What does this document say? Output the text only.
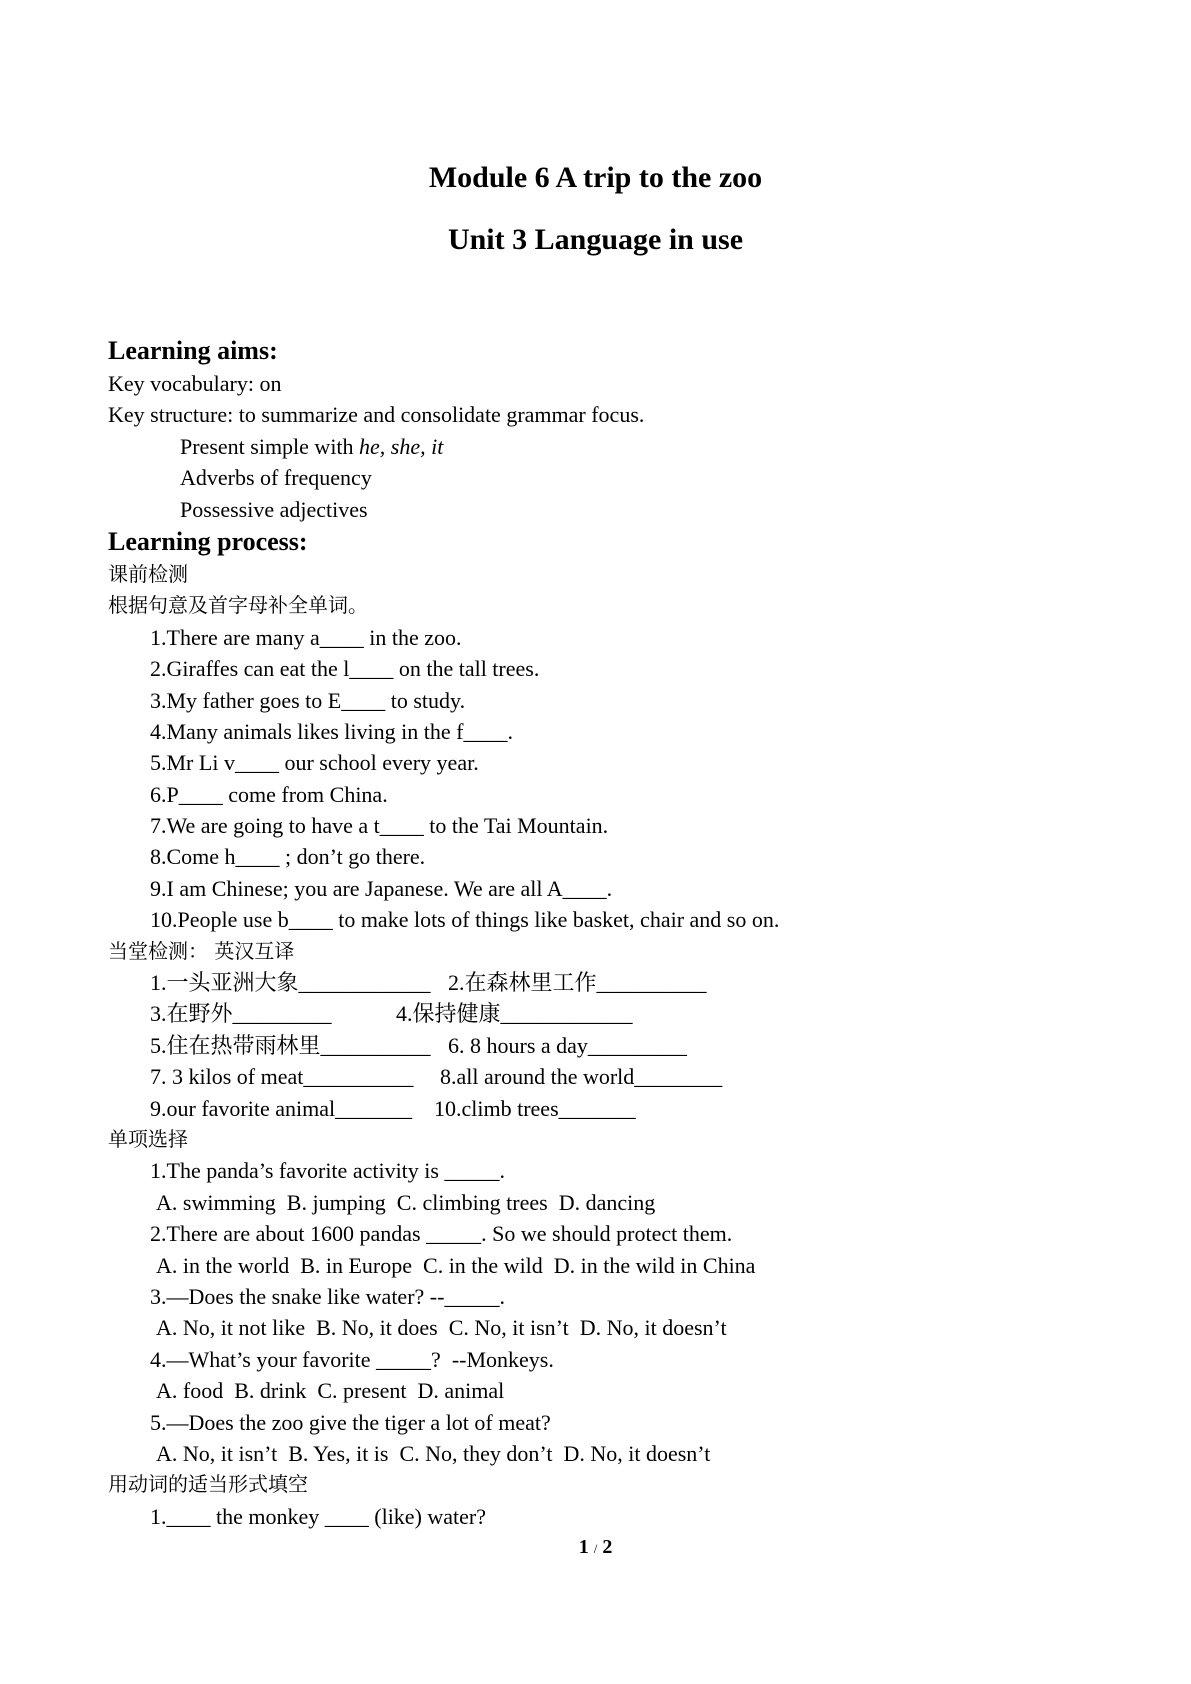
Module 6 A trip to the zoo
Unit 3 Language in use
Learning aims:
Key vocabulary: on
Key structure: to summarize and consolidate grammar focus.
Present simple with he, she, it
Adverbs of frequency
Possessive adjectives
Learning process:
课前检测
根据句意及首字母补全单词。
1.There are many a____ in the zoo.
2.Giraffes can eat the l____ on the tall trees.
3.My father goes to E____ to study.
4.Many animals likes living in the f____.
5.Mr Li v____ our school every year.
6.P____ come from China.
7.We are going to have a t____ to the Tai Mountain.
8.Come h____ ; don’t go there.
9.I am Chinese; you are Japanese. We are all A____.
10.People use b____ to make lots of things like basket, chair and so on.
当堂检测： 英汉互译
1.一头亚洲大象____________ 2.在森林里工作__________
3.在野外_________	4.保持健康____________
5.住在热带雨林里__________ 6. 8 hours a day_________
7. 3 kilos of meat__________	8.all around the world________
9.our favorite animal_______ 10.climb trees_______
单项选择
1.The panda’s favorite activity is _____.
A. swimming  B. jumping  C. climbing trees  D. dancing
2.There are about 1600 pandas _____. So we should protect them.
A. in the world  B. in Europe  C. in the wild  D. in the wild in China
3.—Does the snake like water? --_____.
A. No, it not like  B. No, it does  C. No, it isn’t  D. No, it doesn’t
4.—What’s your favorite _____?  --Monkeys.
A. food  B. drink  C. present  D. animal
5.—Does the zoo give the tiger a lot of meat?
A. No, it isn’t  B. Yes, it is  C. No, they don’t  D. No, it doesn’t
用动词的适当形式填空
1.____ the monkey ____ (like) water?
1 / 2
